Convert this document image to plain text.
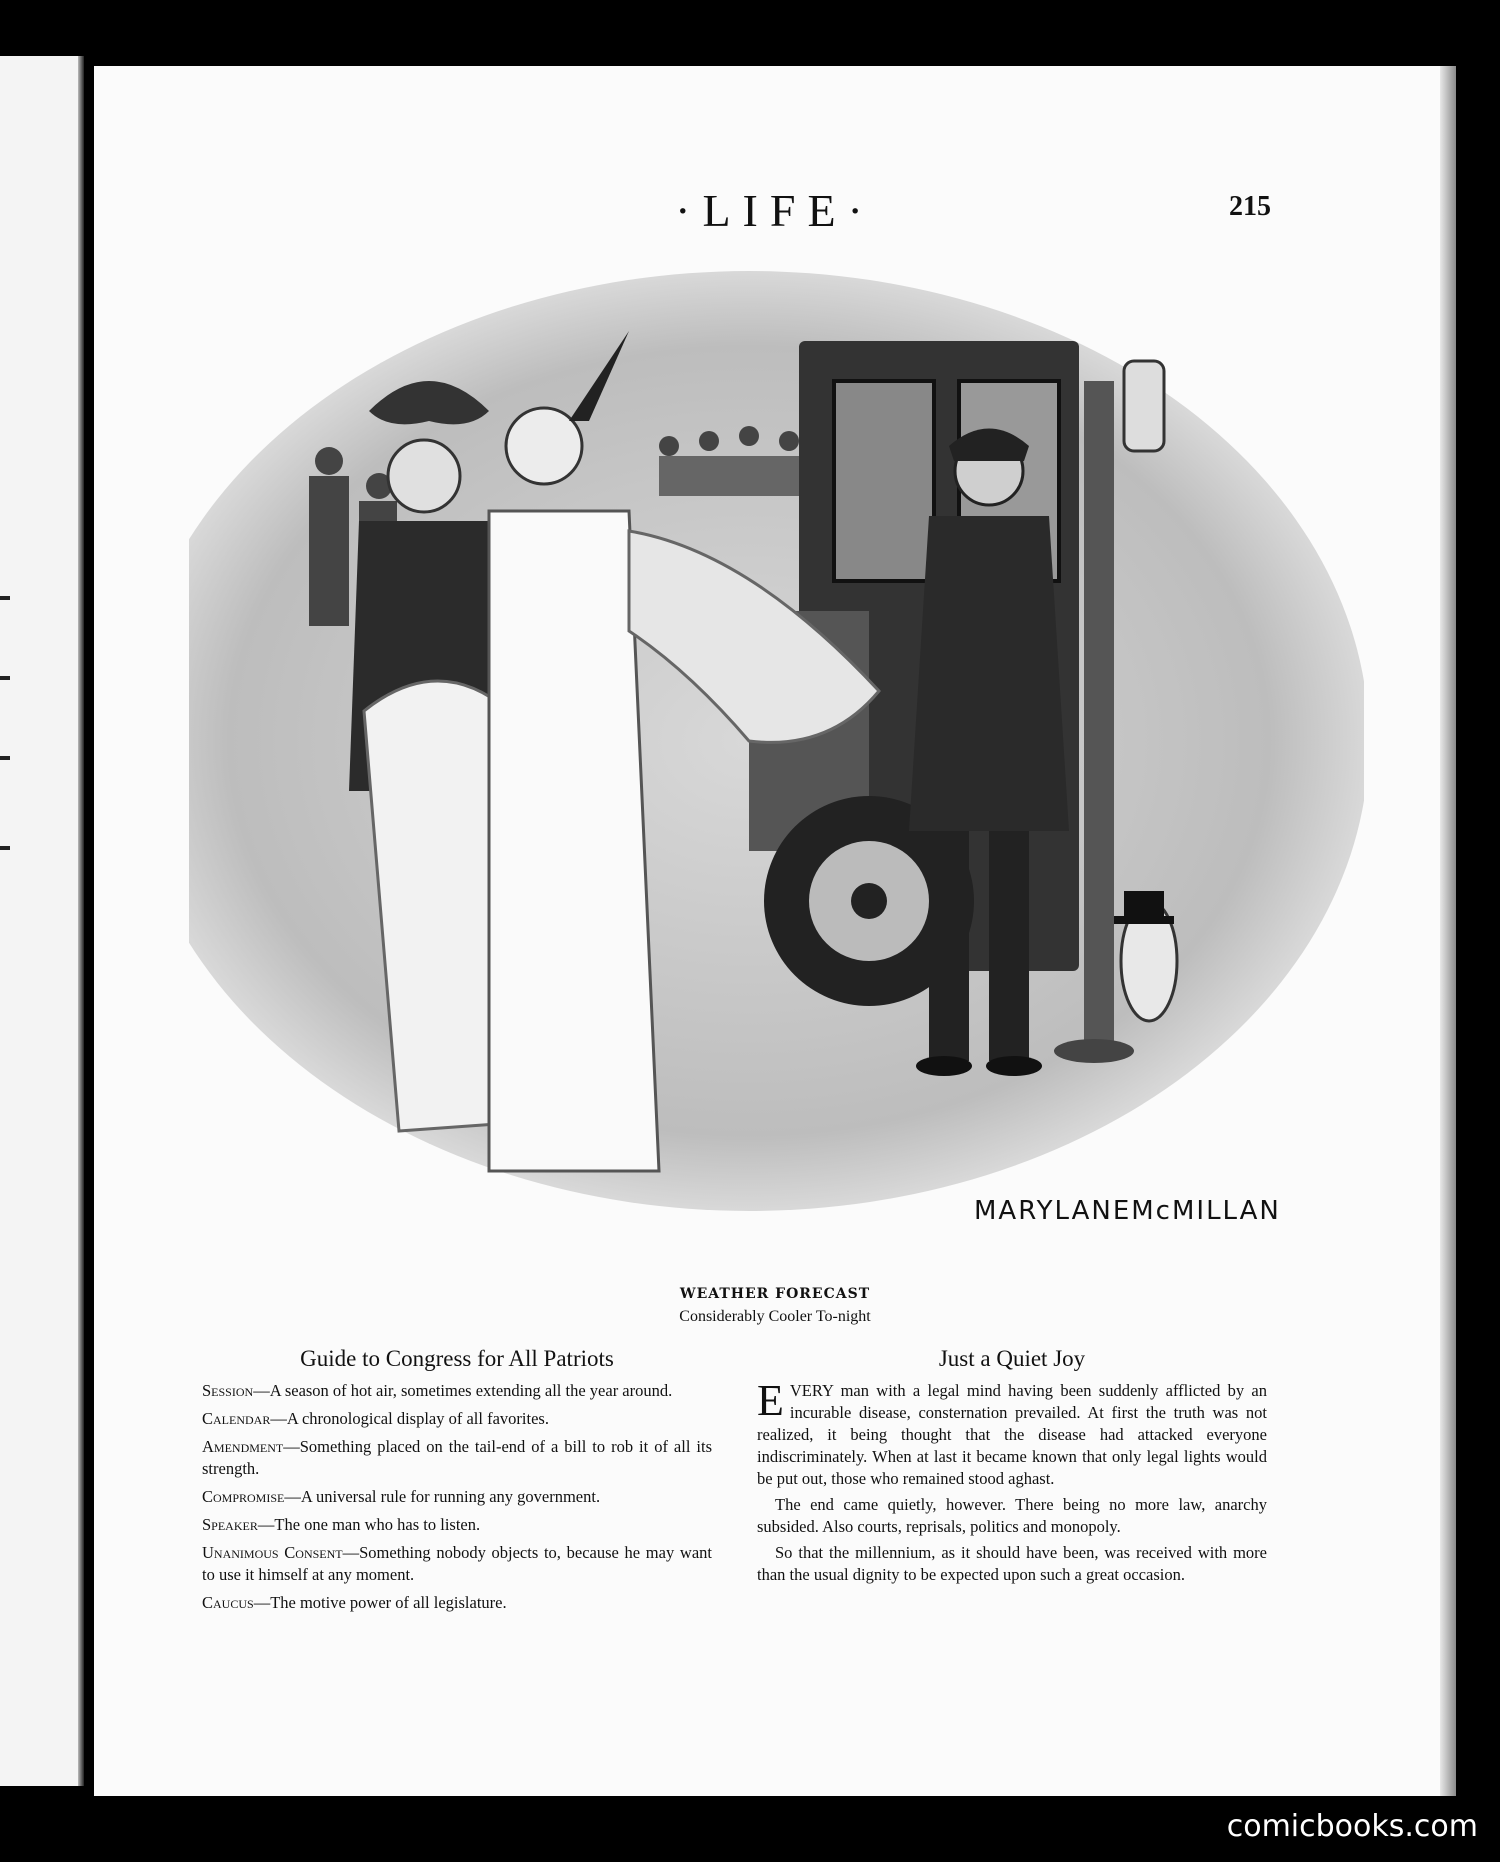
·LIFE·	215
MARYLANEMcMILLAN
WEATHER FORECAST
Considerably Cooler To-night
Guide to Congress for All Patriots

Session—A season of hot air, sometimes extending all the year around.

Calendar—A chronological display of all favorites.

Amendment—Something placed on the tail-end of a bill to rob it of all its strength.

Compromise—A universal rule for running any government.

Speaker—The one man who has to listen.

Unanimous Consent—Something nobody objects to, because he may want to use it himself at any moment.

Caucus—The motive power of all legislature.

Just a Quiet Joy

EVERY man with a legal mind having been suddenly afflicted by an incurable disease, consternation prevailed. At first the truth was not realized, it being thought that the disease had attacked everyone indiscriminately. When at last it became known that only legal lights would be put out, those who remained stood aghast.

The end came quietly, however. There being no more law, anarchy subsided. Also courts, reprisals, politics and monopoly.

So that the millennium, as it should have been, was received with more than the usual dignity to be expected upon such a great occasion.

comicbooks.com
